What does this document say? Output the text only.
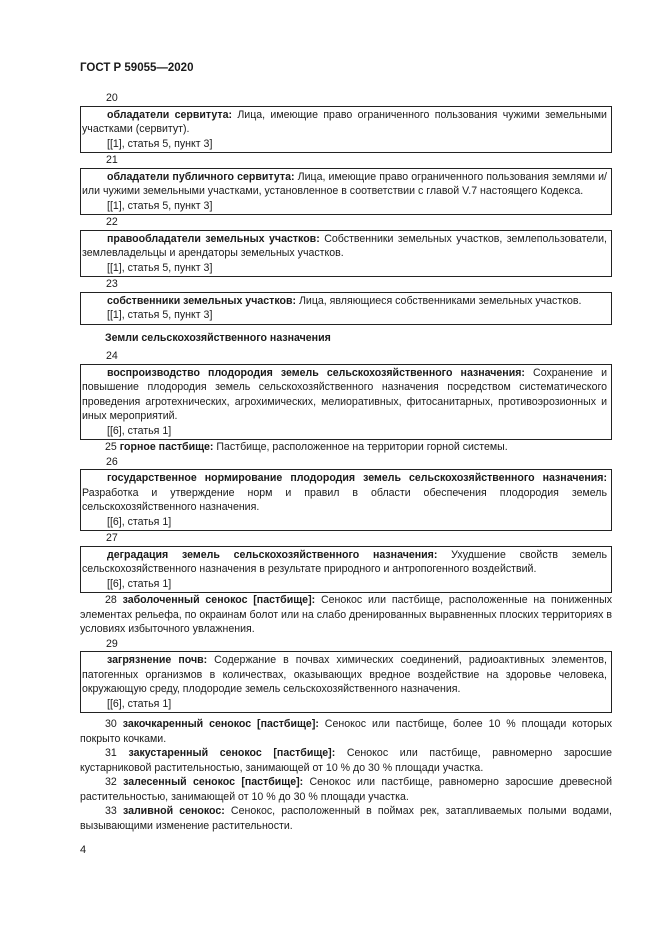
ГОСТ Р 59055—2020
20
обладатели сервитута: Лица, имеющие право ограниченного пользования чужими земельными участками (сервитут).
[[1], статья 5, пункт 3]
21
обладатели публичного сервитута: Лица, имеющие право ограниченного пользования землями и/или чужими земельными участками, установленное в соответствии с главой V.7 настоящего Кодекса.
[[1], статья 5, пункт 3]
22
правообладатели земельных участков: Собственники земельных участков, землепользователи, землевладельцы и арендаторы земельных участков.
[[1], статья 5, пункт 3]
23
собственники земельных участков: Лица, являющиеся собственниками земельных участков.
[[1], статья 5, пункт 3]
Земли сельскохозяйственного назначения
24
воспроизводство плодородия земель сельскохозяйственного назначения: Сохранение и повышение плодородия земель сельскохозяйственного назначения посредством систематического проведения агротехнических, агрохимических, мелиоративных, фитосанитарных, противоэрозионных и иных мероприятий.
[[6], статья 1]
25 горное пастбище: Пастбище, расположенное на территории горной системы.
26
государственное нормирование плодородия земель сельскохозяйственного назначения: Разработка и утверждение норм и правил в области обеспечения плодородия земель сельскохозяйственного назначения.
[[6], статья 1]
27
деградация земель сельскохозяйственного назначения: Ухудшение свойств земель сельскохозяйственного назначения в результате природного и антропогенного воздействий.
[[6], статья 1]
28 заболоченный сенокос [пастбище]: Сенокос или пастбище, расположенные на пониженных элементах рельефа, по окраинам болот или на слабо дренированных выравненных плоских территориях в условиях избыточного увлажнения.
29
загрязнение почв: Содержание в почвах химических соединений, радиоактивных элементов, патогенных организмов в количествах, оказывающих вредное воздействие на здоровье человека, окружающую среду, плодородие земель сельскохозяйственного назначения.
[[6], статья 1]
30 закочкаренный сенокос [пастбище]: Сенокос или пастбище, более 10 % площади которых покрыто кочками.
31 закустаренный сенокос [пастбище]: Сенокос или пастбище, равномерно заросшие кустарниковой растительностью, занимающей от 10 % до 30 % площади участка.
32 залесенный сенокос [пастбище]: Сенокос или пастбище, равномерно заросшие древесной растительностью, занимающей от 10 % до 30 % площади участка.
33 заливной сенокос: Сенокос, расположенный в поймах рек, затапливаемых полыми водами, вызывающими изменение растительности.
4
